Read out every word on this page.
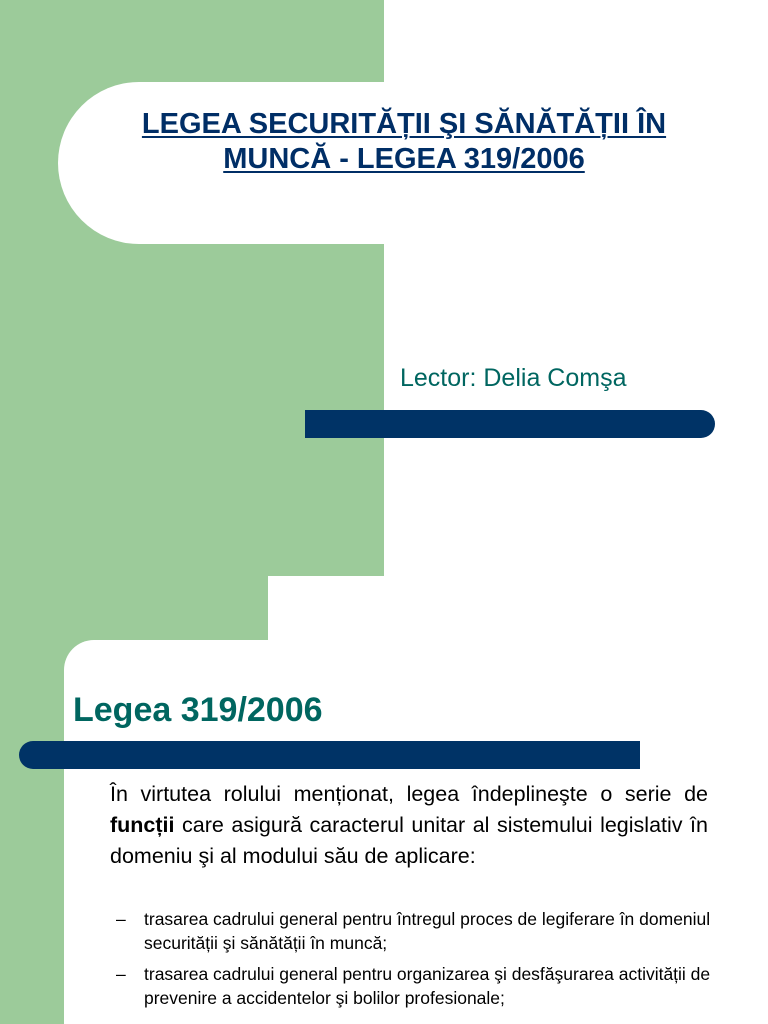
LEGEA SECURITĂȚII ŞI SĂNĂTĂȚII ÎN
MUNCĂ - LEGEA 319/2006

Lector: Delia Comşa

Legea 319/2006

În virtutea rolului menționat, legea îndeplineşte o serie de funcții care asigură caracterul unitar al sistemului legislativ în domeniu şi al modului său de aplicare:

– trasarea cadrului general pentru întregul proces de legiferare în domeniul securității şi sănătății în muncă;
– trasarea cadrului general pentru organizarea şi desfăşurarea activității de prevenire a accidentelor şi bolilor profesionale;
